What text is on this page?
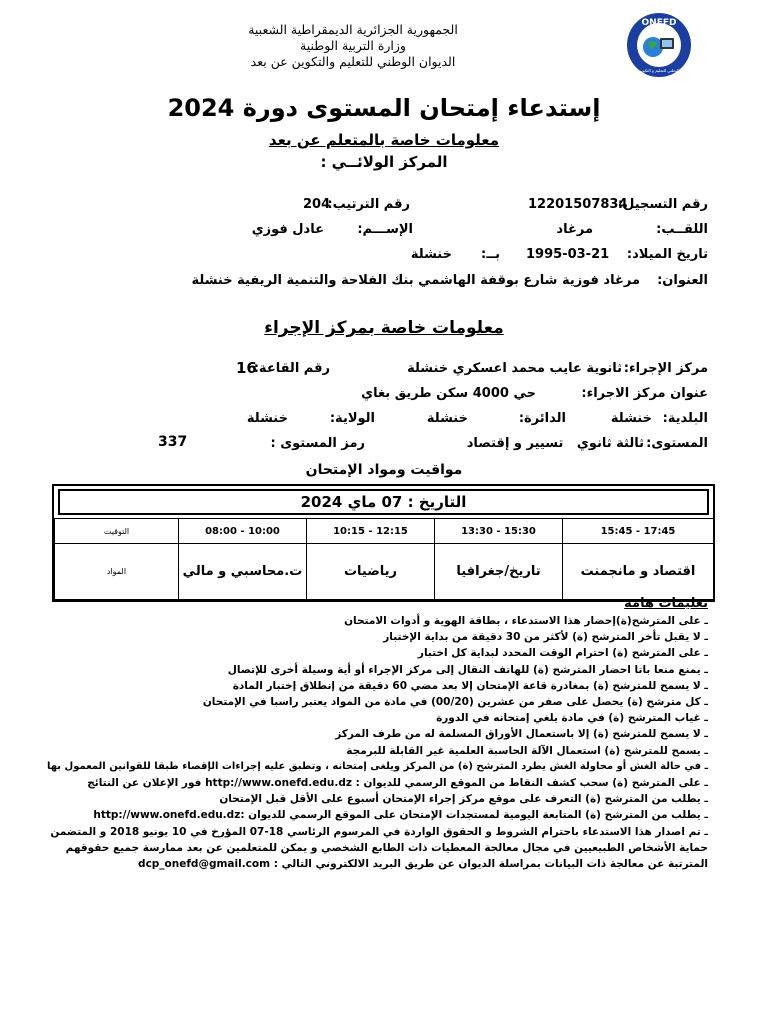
الجمهورية الجزائرية الديمقراطية الشعبية
وزارة التربية الوطنية
الديوان الوطني للتعليم والتكوين عن بعد
ONEFD
الديوان الوطني للتعليم و التكوين عن بعد
إستدعاء إمتحان المستوى دورة 2024
معلومات خاصة بالمتعلم عن بعد
المركز الولائــي :
رقم التسجيل:
12201507834
رقم الترتيب:
204
اللقــب:
مرغاد
الإســـم:
عادل فوزي
تاريخ الميلاد:
1995-03-21
بــ:
خنشلة
العنوان:
مرغاد فوزية شارع بوقفة الهاشمي بنك الفلاحة والتنمية الريفية خنشلة
معلومات خاصة بمركز الإجراء
مركز الإجراء:
ثانوية عايب محمد اعسكري خنشلة
رقم القاعة:
16
عنوان مركز الاجراء:
حي 4000 سكن طريق بغاي
البلدية:
خنشلة
الدائرة:
خنشلة
الولاية:
خنشلة
المستوى:
ثالثة ثانوي   تسيير و إقتصاد
رمز المستوى :
337
مواقيت ومواد الإمتحان
التاريخ : 07 ماي 2024
التوقيت	10:00 - 08:00	12:15 - 10:15	15:30 - 13:30	17:45 - 15:45
المواد	ت.محاسبي و مالي	رياضيات	تاريخ/جغرافيا	اقتصاد و مانجمنت
تعليمات هامة
ـ على المترشح(ة)إحضار هذا الاستدعاء ، بطاقة الهوية و أدوات الامتحان
ـ لا يقبل تأخر المترشح (ة) لأكثر من 30 دقيقة من بداية الإختبار
ـ على المترشح (ة) احترام الوقت المحدد لبداية كل اختبار
ـ يمنع منعا باتا احضار المترشح (ة) للهاتف النقال إلى مركز الإجراء أو أية وسيلة أخرى للإتصال
ـ لا يسمح للمترشح (ة) بمغادرة قاعة الإمتحان إلا بعد مضي 60 دقيقة من إنطلاق إختبار المادة
ـ كل مترشح (ة) يحصل على صفر من عشرين (00/20) في مادة من المواد يعتبر راسبا في الإمتحان
ـ غياب المترشح (ة) في مادة يلغي إمتحانه في الدورة
ـ لا يسمح للمترشح (ة) إلا باستعمال الأوراق المسلمة له من طرف المركز
ـ يسمح للمترشح (ة) استعمال الآلة الحاسبة العلمية غير القابلة للبرمجة
ـ في حالة الغش أو محاولة الغش يطرد المترشح (ة) من المركز ويلغى إمتحانه ، وتطبق عليه إجراءات الإقصاء طبقا للقوانين المعمول بها
ـ على المترشح (ة) سحب كشف النقاط من الموقع الرسمي للديوان : http://www.onefd.edu.dz فور الإعلان عن النتائج
ـ يطلب من المترشح (ة) التعرف على موقع مركز إجراء الإمتحان أسبوع على الأقل قبل الإمتحان
ـ يطلب من المترشح (ة) المتابعة اليومية لمستجدات الإمتحان على الموقع الرسمي للديوان :http://www.onefd.edu.dz
ـ تم اصدار هذا الاستدعاء باحترام الشروط و الحقوق الواردة في المرسوم الرئاسي 18-07 المؤرخ في 10 يونيو 2018 و المتضمن حماية الأشخاص الطبيعيين في مجال معالجة المعطيات ذات الطابع الشخصي و يمكن للمتعلمين عن بعد ممارسة جميع حقوقهم المترتبة عن معالجة ذات البيانات بمراسلة الديوان عن طريق البريد الالكتروني التالي : dcp_onefd@gmail.com
